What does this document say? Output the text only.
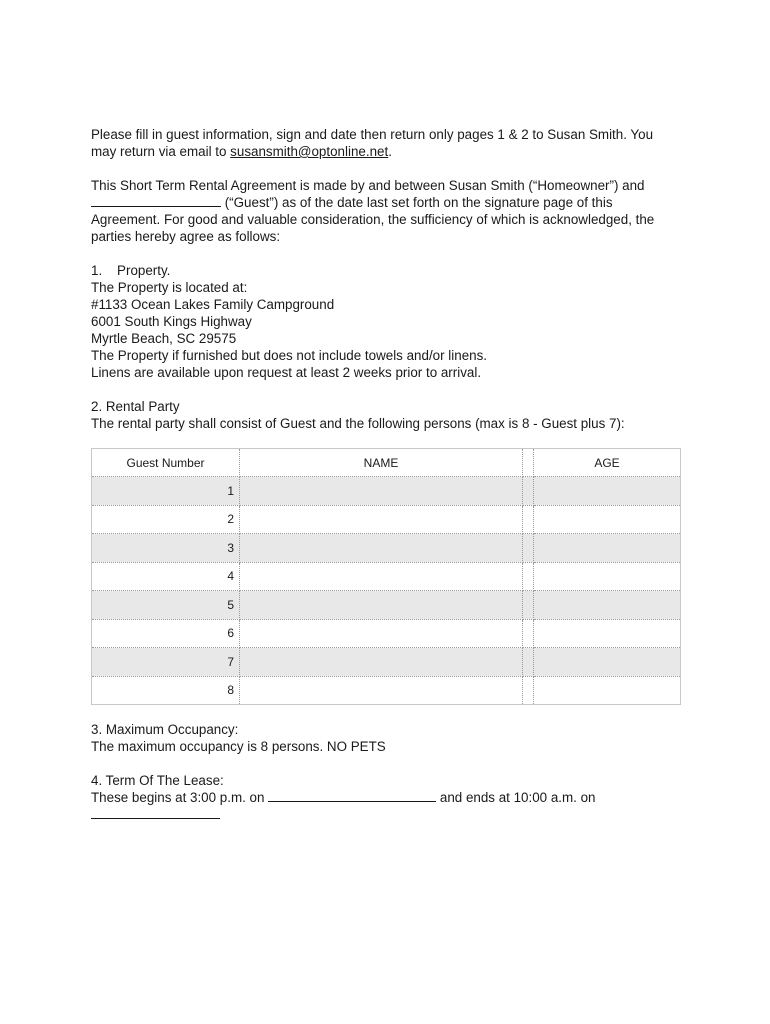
Please fill in guest information, sign and date then return only pages 1 & 2 to Susan Smith. You may return via email to susansmith@optonline.net.

This Short Term Rental Agreement is made by and between Susan Smith (“Homeowner”) and
(“Guest”) as of the date last set forth on the signature page of this Agreement. For good and valuable consideration, the sufficiency of which is acknowledged, the parties hereby agree as follows:

1.    Property.

The Property is located at:

#1133 Ocean Lakes Family Campground

6001 South Kings Highway

Myrtle Beach, SC 29575

The Property if furnished but does not include towels and/or linens.

Linens are available upon request at least 2 weeks prior to arrival.

2. Rental Party

The rental party shall consist of Guest and the following persons (max is 8 - Guest plus 7):

Guest Number	NAME		AGE
1			
2			
3			
4			
5			
6			
7			
8			

3. Maximum Occupancy:

The maximum occupancy is 8 persons. NO PETS

4. Term Of The Lease:

These begins at 3:00 p.m. on	and ends at 10:00 a.m. on
